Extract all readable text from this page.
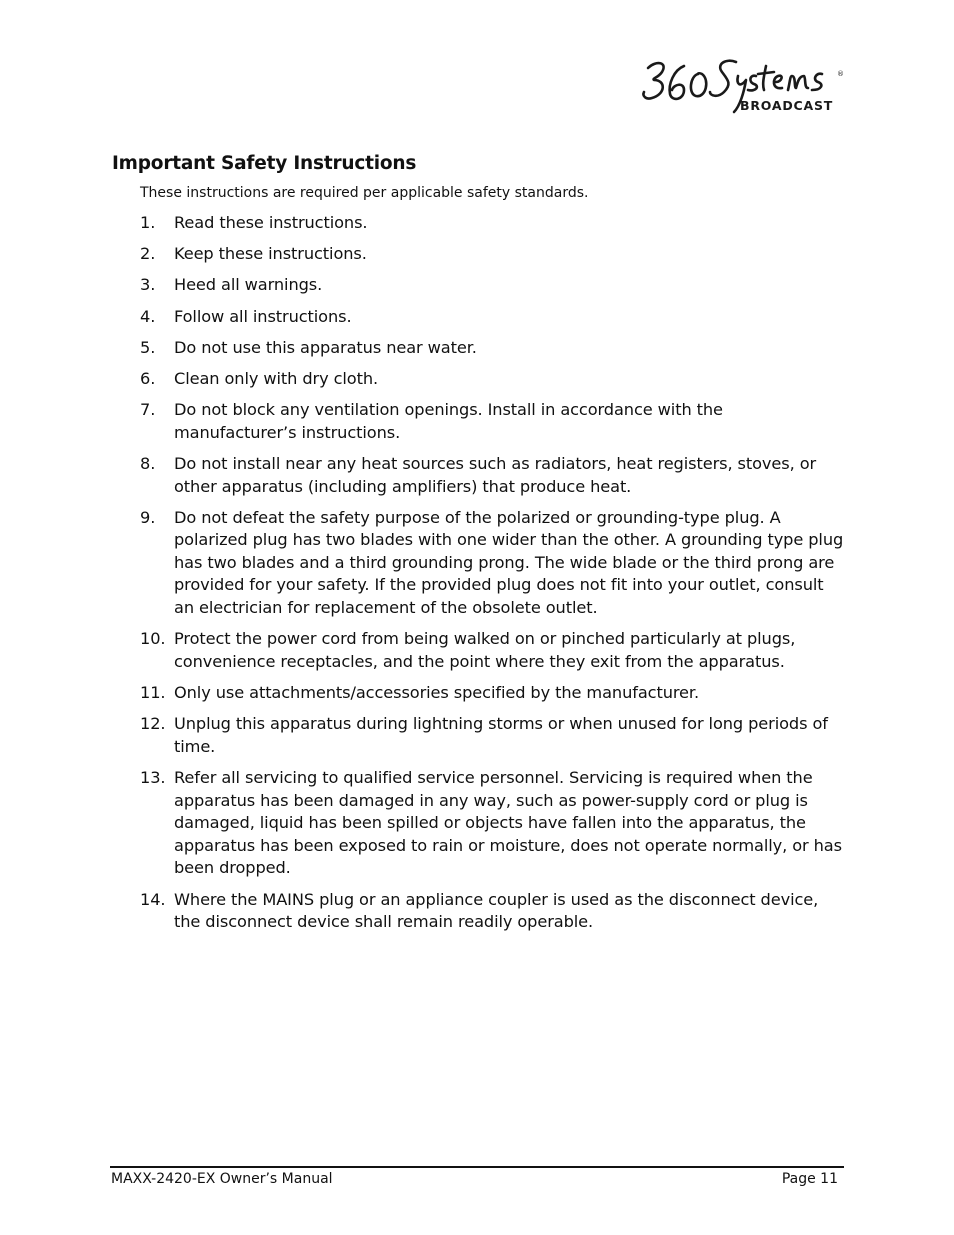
®
BROADCAST
Important Safety Instructions
These instructions are required per applicable safety standards.
1. Read these instructions.
2. Keep these instructions.
3. Heed all warnings.
4. Follow all instructions.
5. Do not use this apparatus near water.
6. Clean only with dry cloth.
7. Do not block any ventilation openings. Install in accordance with the manufacturer’s instructions.
8. Do not install near any heat sources such as radiators, heat registers, stoves, or other apparatus (including amplifiers) that produce heat.
9. Do not defeat the safety purpose of the polarized or grounding-type plug. A polarized plug has two blades with one wider than the other. A grounding type plug has two blades and a third grounding prong. The wide blade or the third prong are provided for your safety. If the provided plug does not fit into your outlet, consult an electrician for replacement of the obsolete outlet.
10. Protect the power cord from being walked on or pinched particularly at plugs, convenience receptacles, and the point where they exit from the apparatus.
11. Only use attachments/accessories specified by the manufacturer.
12. Unplug this apparatus during lightning storms or when unused for long periods of time.
13. Refer all servicing to qualified service personnel. Servicing is required when the apparatus has been damaged in any way, such as power-supply cord or plug is damaged, liquid has been spilled or objects have fallen into the apparatus, the apparatus has been exposed to rain or moisture, does not operate normally, or has been dropped.
14. Where the MAINS plug or an appliance coupler is used as the disconnect device, the disconnect device shall remain readily operable.
MAXX-2420-EX Owner’s Manual	Page 11
